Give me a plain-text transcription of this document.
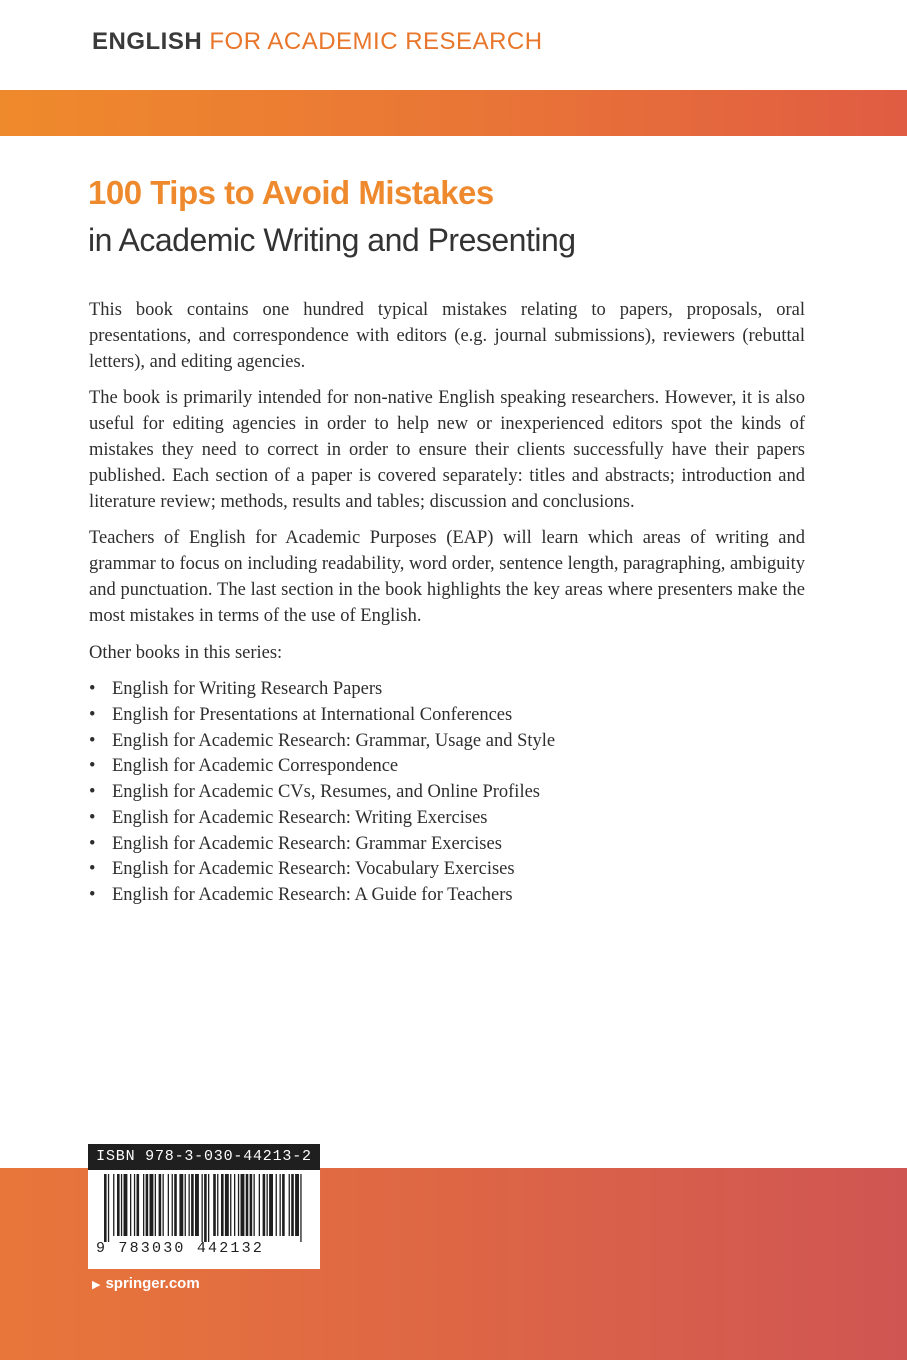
ENGLISH FOR ACADEMIC RESEARCH
100 Tips to Avoid Mistakes
in Academic Writing and Presenting

This book contains one hundred typical mistakes relating to papers, proposals, oral presentations, and correspondence with editors (e.g. journal submissions), reviewers (rebuttal letters), and editing agencies.

The book is primarily intended for non-native English speaking researchers. However, it is also useful for editing agencies in order to help new or inexperienced editors spot the kinds of mistakes they need to correct in order to ensure their clients successfully have their papers published. Each section of a paper is covered separately: titles and abstracts; introduction and literature review; methods, results and tables; discussion and conclusions.

Teachers of English for Academic Purposes (EAP) will learn which areas of writing and grammar to focus on including readability, word order, sentence length, paragraphing, ambiguity and punctuation. The last section in the book highlights the key areas where presenters make the most mistakes in terms of the use of English.

Other books in this series:

• English for Writing Research Papers
• English for Presentations at International Conferences
• English for Academic Research: Grammar, Usage and Style
• English for Academic Correspondence
• English for Academic CVs, Resumes, and Online Profiles
• English for Academic Research: Writing Exercises
• English for Academic Research: Grammar Exercises
• English for Academic Research: Vocabulary Exercises
• English for Academic Research: A Guide for Teachers
ISBN 978-3-030-44213-2
9 783030 442132
▶ springer.com
